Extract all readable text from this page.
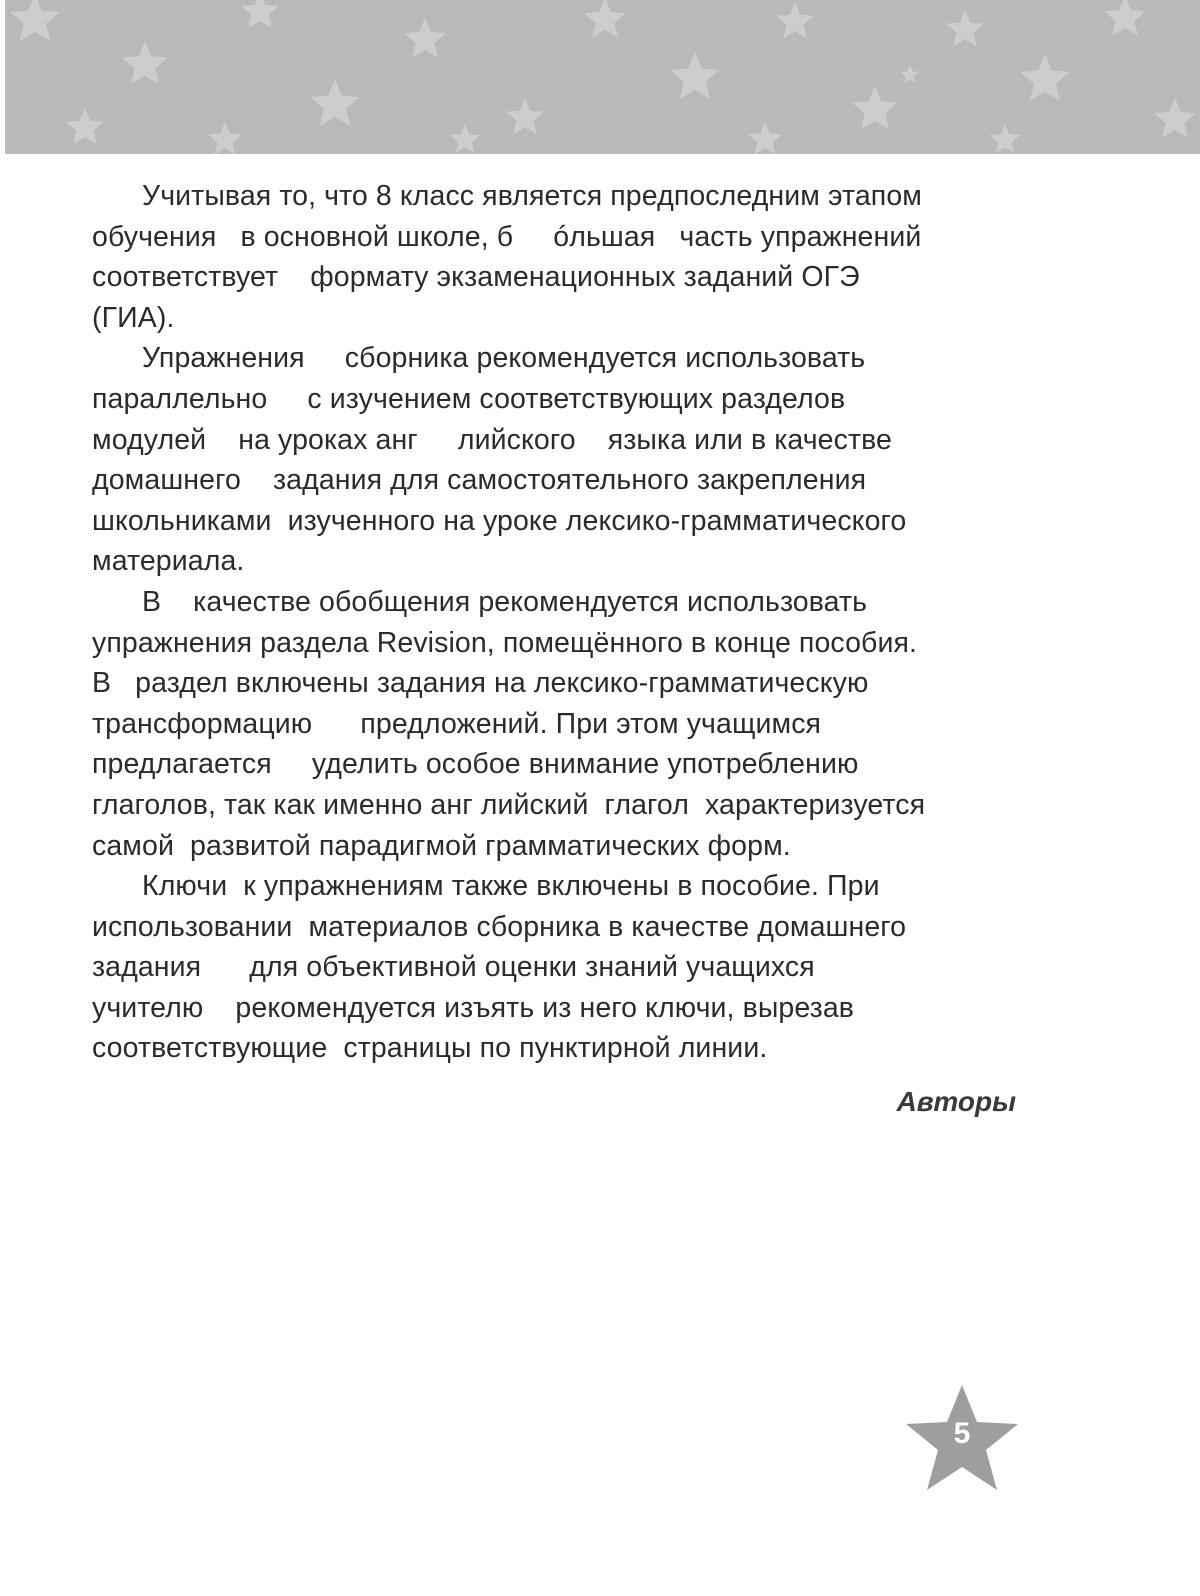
Учитывая то, что 8 класс является предпоследним этапом
обучения   в основной школе, б     óльшая   часть упражнений
соответствует    формату экзаменационных заданий ОГЭ
(ГИА).
Упражнения     сборника рекомендуется использовать
параллельно     с изучением соответствующих разделов
модулей    на уроках анг     лийского    языка или в качестве
домашнего    задания для самостоятельного закрепления
школьниками  изученного на уроке лексико-грамматического
материала.
В    качестве обобщения рекомендуется использовать
упражнения раздела Revision, помещённого в конце пособия.
В   раздел включены задания на лексико-грамматическую
трансформацию      предложений. При этом учащимся
предлагается     уделить особое внимание употреблению
глаголов, так как именно анг лийский  глагол  характеризуется
самой  развитой парадигмой грамматических форм.
Ключи  к упражнениям также включены в пособие. При
использовании  материалов сборника в качестве домашнего
задания      для объективной оценки знаний учащихся
учителю    рекомендуется изъять из него ключи, вырезав
соответствующие  страницы по пунктирной линии.
Авторы
5
